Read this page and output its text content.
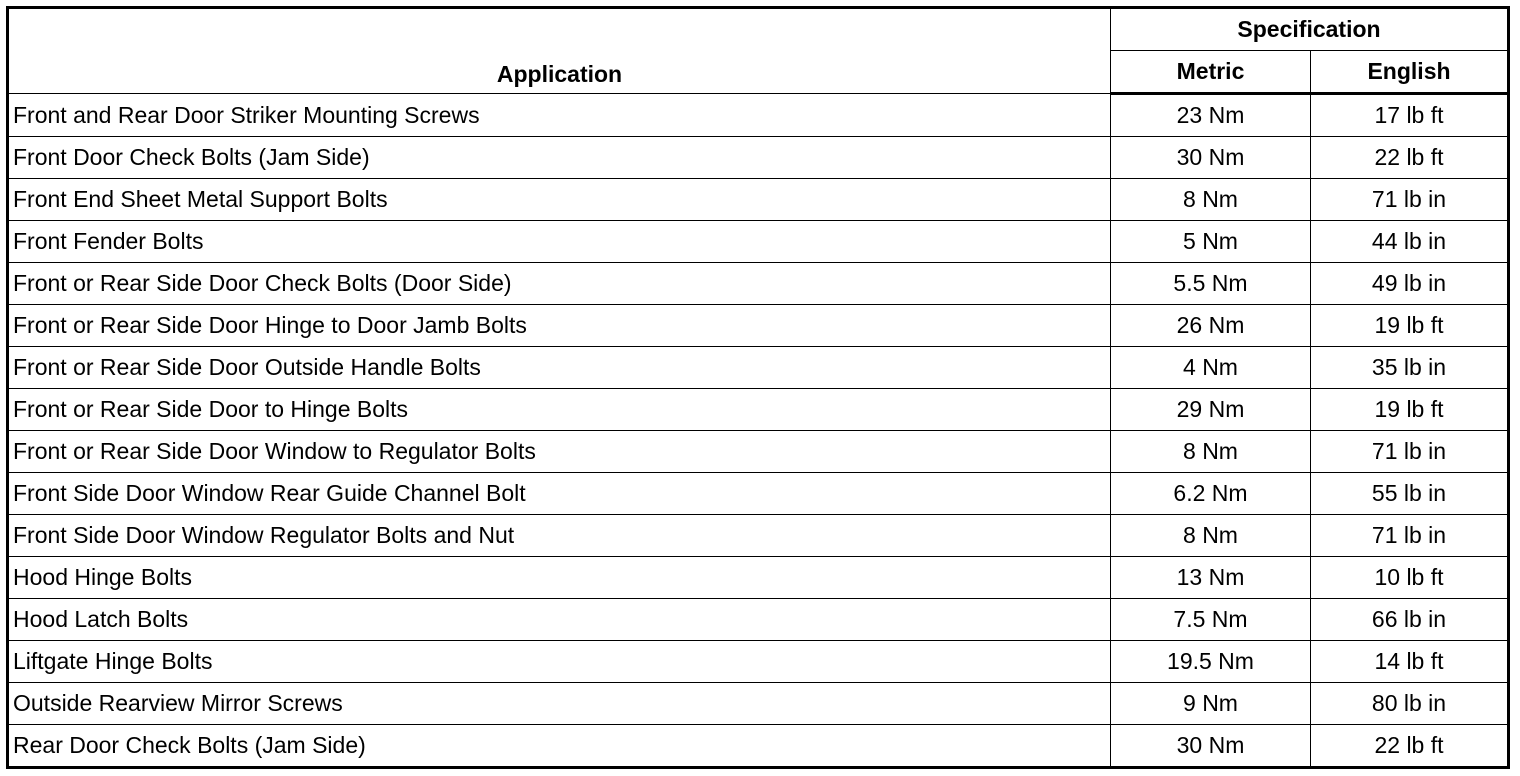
Application	Specification	
	Metric	English
Front and Rear Door Striker Mounting Screws	23 Nm	17 lb ft
Front Door Check Bolts (Jam Side)	30 Nm	22 lb ft
Front End Sheet Metal Support Bolts	8 Nm	71 lb in
Front Fender Bolts	5 Nm	44 lb in
Front or Rear Side Door Check Bolts (Door Side)	5.5 Nm	49 lb in
Front or Rear Side Door Hinge to Door Jamb Bolts	26 Nm	19 lb ft
Front or Rear Side Door Outside Handle Bolts	4 Nm	35 lb in
Front or Rear Side Door to Hinge Bolts	29 Nm	19 lb ft
Front or Rear Side Door Window to Regulator Bolts	8 Nm	71 lb in
Front Side Door Window Rear Guide Channel Bolt	6.2 Nm	55 lb in
Front Side Door Window Regulator Bolts and Nut	8 Nm	71 lb in
Hood Hinge Bolts	13 Nm	10 lb ft
Hood Latch Bolts	7.5 Nm	66 lb in
Liftgate Hinge Bolts	19.5 Nm	14 lb ft
Outside Rearview Mirror Screws	9 Nm	80 lb in
Rear Door Check Bolts (Jam Side)	30 Nm	22 lb ft
